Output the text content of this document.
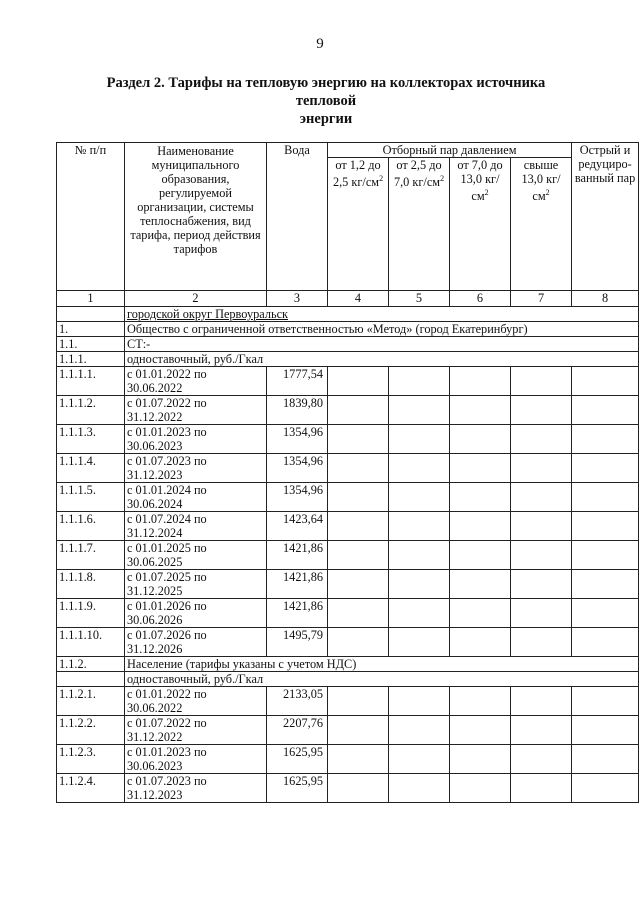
9
Раздел 2. Тарифы на тепловую энергию на коллекторах источника тепловой
энергии
№ п/п	Наименование муниципального образования, регулируемой организации, системы теплоснабжения, вид тарифа, период действия тарифов	Вода	Отборный пар давлением				Острый и редуциро-ванный пар
			от 1,2 до 2,5 $кг/см^2$	от 2,5 до 7,0 $кг/см^2$	от 7,0 до 13,0 $кг/см^2$	свыше 13,0 $кг/см^2$
1	2	3	4	5	6	7	8
	городской округ Первоуральск						
1.	Общество с ограниченной ответственностью «Метод» (город Екатеринбург)						
1.1.	СТ:-						
1.1.1.	одноставочный, руб./Гкал						
1.1.1.1.	с 01.01.2022 по
30.06.2022	1777,54					
1.1.1.2.	с 01.07.2022 по
31.12.2022	1839,80					
1.1.1.3.	с 01.01.2023 по
30.06.2023	1354,96					
1.1.1.4.	с 01.07.2023 по
31.12.2023	1354,96					
1.1.1.5.	с 01.01.2024 по
30.06.2024	1354,96					
1.1.1.6.	с 01.07.2024 по
31.12.2024	1423,64					
1.1.1.7.	с 01.01.2025 по
30.06.2025	1421,86					
1.1.1.8.	с 01.07.2025 по
31.12.2025	1421,86					
1.1.1.9.	с 01.01.2026 по
30.06.2026	1421,86					
1.1.1.10.	с 01.07.2026 по
31.12.2026	1495,79					
1.1.2.	Население (тарифы указаны с учетом НДС)						
	одноставочный, руб./Гкал						
1.1.2.1.	с 01.01.2022 по
30.06.2022	2133,05					
1.1.2.2.	с 01.07.2022 по
31.12.2022	2207,76					
1.1.2.3.	с 01.01.2023 по
30.06.2023	1625,95					
1.1.2.4.	с 01.07.2023 по
31.12.2023	1625,95					
